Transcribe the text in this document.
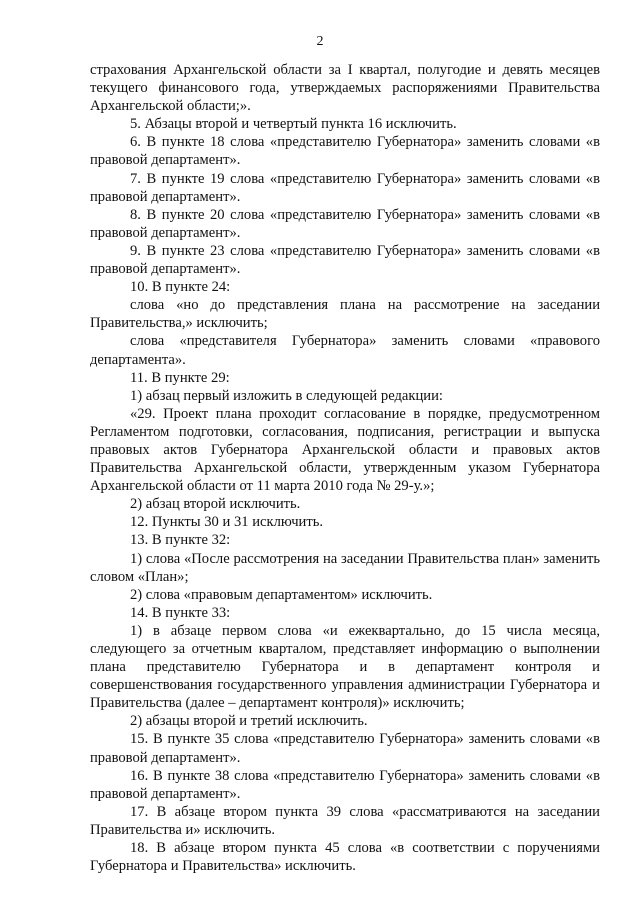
2

страхования Архангельской области за I квартал, полугодие и девять месяцев текущего финансового года, утверждаемых распоряжениями Правительства Архангельской области;».

5. Абзацы второй и четвертый пункта 16 исключить.

6. В пункте 18 слова «представителю Губернатора» заменить словами «в правовой департамент».

7. В пункте 19 слова «представителю Губернатора» заменить словами «в правовой департамент».

8. В пункте 20 слова «представителю Губернатора» заменить словами «в правовой департамент».

9. В пункте 23 слова «представителю Губернатора» заменить словами «в правовой департамент».

10. В пункте 24:

слова «но до представления плана на рассмотрение на заседании Правительства,» исключить;

слова «представителя Губернатора» заменить словами «правового департамента».

11. В пункте 29:

1) абзац первый изложить в следующей редакции:

«29. Проект плана проходит согласование в порядке, предусмотренном Регламентом подготовки, согласования, подписания, регистрации и выпуска правовых актов Губернатора Архангельской области и правовых актов Правительства Архангельской области, утвержденным указом Губернатора Архангельской области от 11 марта 2010 года № 29-у.»;

2) абзац второй исключить.

12. Пункты 30 и 31 исключить.

13. В пункте 32:

1) слова «После рассмотрения на заседании Правительства план» заменить словом «План»;

2) слова «правовым департаментом» исключить.

14. В пункте 33:

1) в абзаце первом слова «и ежеквартально, до 15 числа месяца, следующего за отчетным кварталом, представляет информацию о выполнении плана представителю Губернатора и в департамент контроля и совершенствования государственного управления администрации Губернатора и Правительства (далее – департамент контроля)» исключить;

2) абзацы второй и третий исключить.

15. В пункте 35 слова «представителю Губернатора» заменить словами «в правовой департамент».

16. В пункте 38 слова «представителю Губернатора» заменить словами «в правовой департамент».

17. В абзаце втором пункта 39 слова «рассматриваются на заседании Правительства и» исключить.

18. В абзаце втором пункта 45 слова «в соответствии с поручениями Губернатора и Правительства» исключить.
